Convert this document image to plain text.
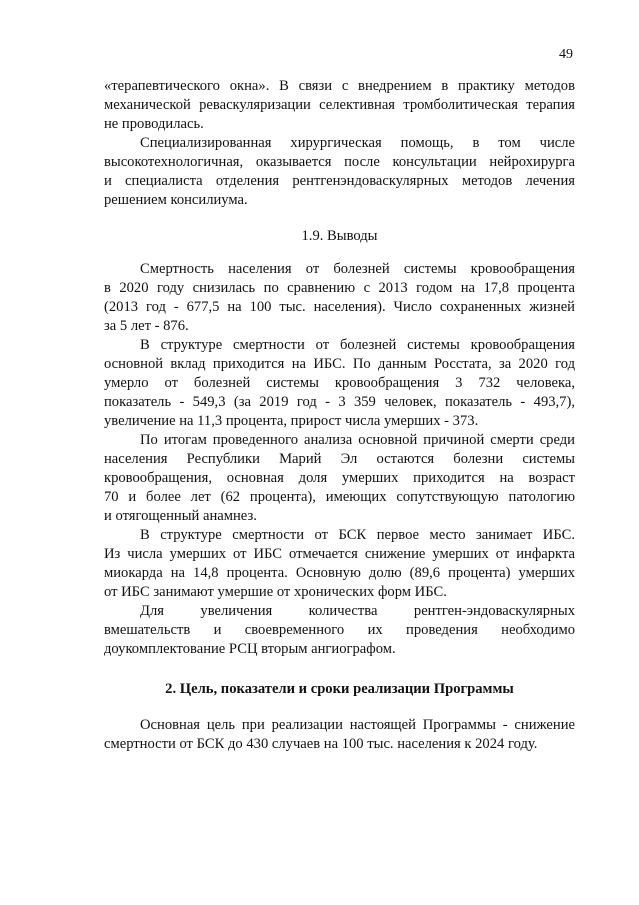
49
«терапевтического окна». В связи с внедрением в практику методов
механической реваскуляризации селективная тромболитическая терапия
не проводилась.
Специализированная хирургическая помощь, в том числе
высокотехнологичная, оказывается после консультации нейрохирурга
и специалиста отделения рентгенэндоваскулярных методов лечения
решением консилиума.
1.9. Выводы
Смертность населения от болезней системы кровообращения
в 2020 году снизилась по сравнению с 2013 годом на 17,8 процента
(2013 год - 677,5 на 100 тыс. населения). Число сохраненных жизней
за 5 лет - 876.
В структуре смертности от болезней системы кровообращения
основной вклад приходится на ИБС. По данным Росстата, за 2020 год
умерло от болезней системы кровообращения 3 732 человека,
показатель - 549,3 (за 2019 год - 3 359 человек, показатель - 493,7),
увеличение на 11,3 процента, прирост числа умерших - 373.
По итогам проведенного анализа основной причиной смерти среди
населения Республики Марий Эл остаются болезни системы
кровообращения, основная доля умерших приходится на возраст
70 и более лет (62 процента), имеющих сопутствующую патологию
и отягощенный анамнез.
В структуре смертности от БСК первое место занимает ИБС.
Из числа умерших от ИБС отмечается снижение умерших от инфаркта
миокарда на 14,8 процента. Основную долю (89,6 процента) умерших
от ИБС занимают умершие от хронических форм ИБС.
Для увеличения количества рентген-эндоваскулярных
вмешательств и своевременного их проведения необходимо
доукомплектование РСЦ вторым ангиографом.
2. Цель, показатели и сроки реализации Программы
Основная цель при реализации настоящей Программы - снижение
смертности от БСК до 430 случаев на 100 тыс. населения к 2024 году.
